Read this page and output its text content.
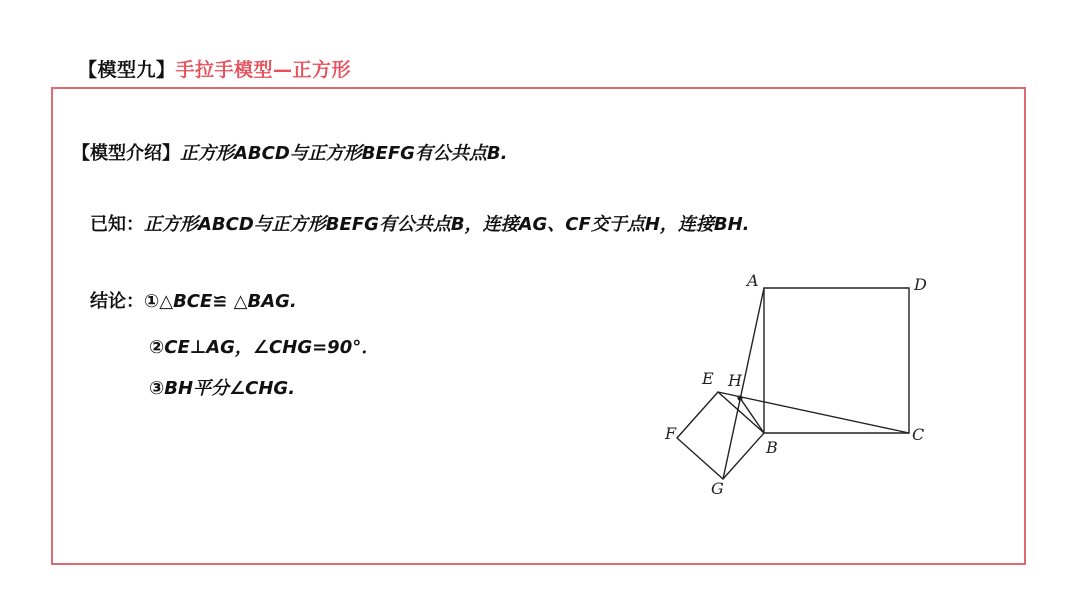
【模型九】手拉手模型—正方形
【模型介绍】正方形ABCD与正方形BEFG有公共点B.
已知：正方形ABCD与正方形BEFG有公共点B，连接AG、CF交于点H，连接BH.
结论：①△BCE≌ △BAG.
②CE⊥AG，∠CHG=90°．
③BH平分∠CHG.
A	D
B
C
E H
F
G
